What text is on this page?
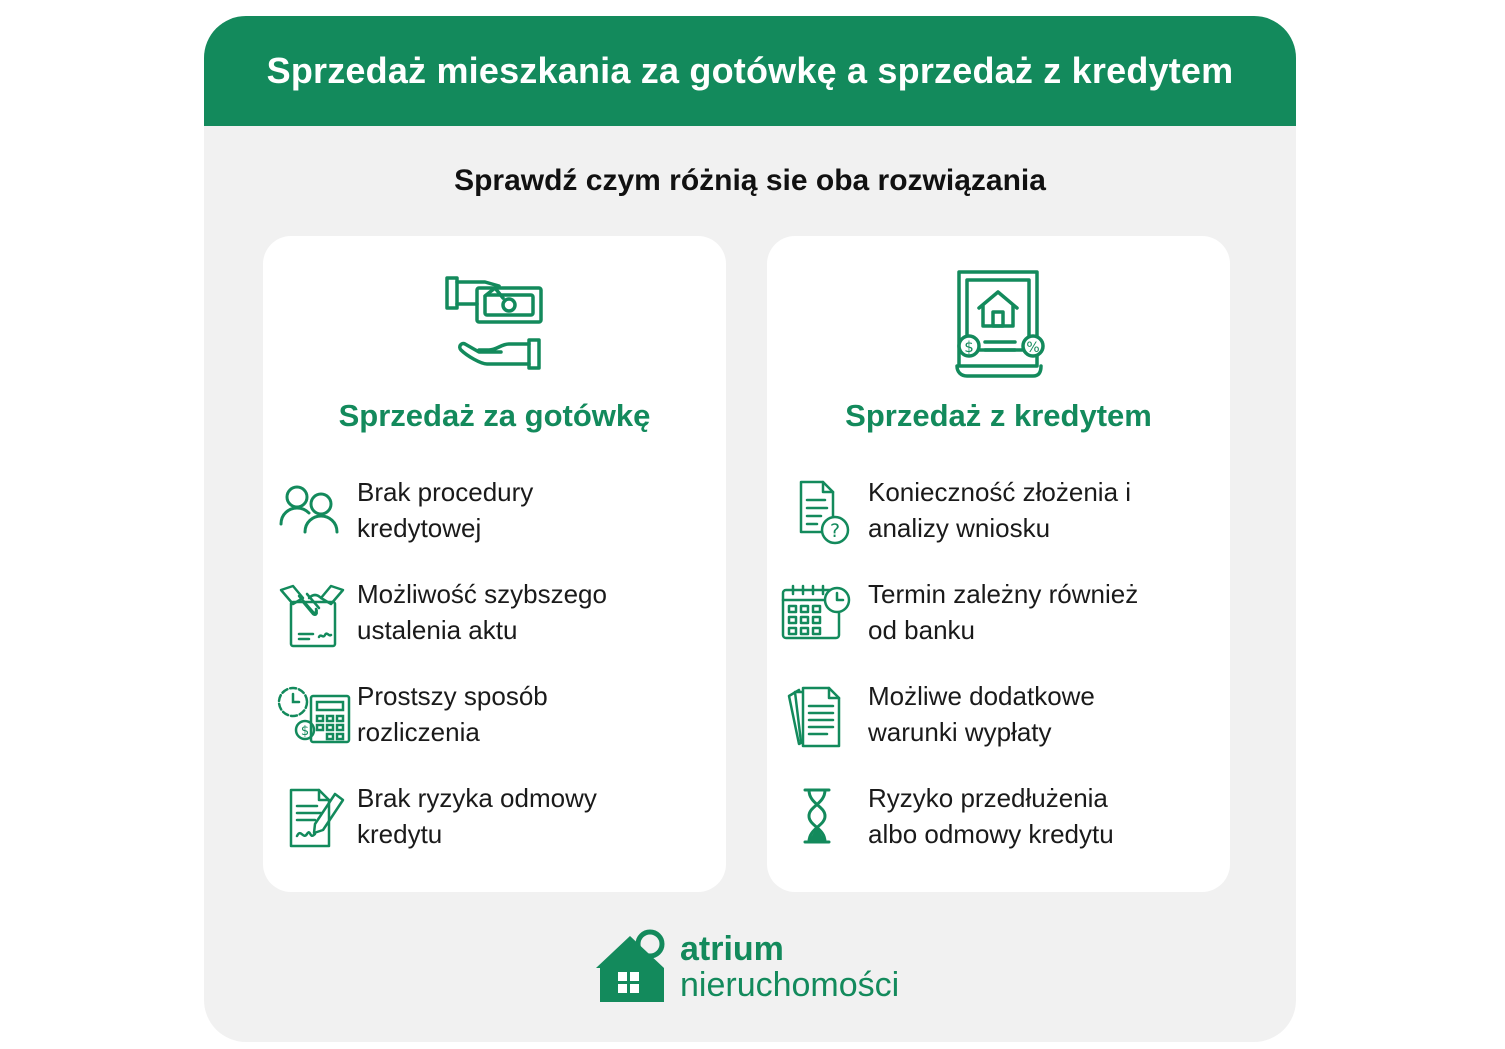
Sprzedaż mieszkania za gotówkę a sprzedaż z kredytem
Sprawdź czym różnią sie oba rozwiązania
Sprzedaż za gotówkę
Brak procedury
kredytowej
Możliwość szybszego
ustalenia aktu
$
Prostszy sposób
rozliczenia
Brak ryzyka odmowy
kredytu
$	%
Sprzedaż z kredytem
?
Konieczność złożenia i
analizy wniosku
Termin zależny również
od banku
Możliwe dodatkowe
warunki wypłaty
Ryzyko przedłużenia
albo odmowy kredytu
atrium
nieruchomości
